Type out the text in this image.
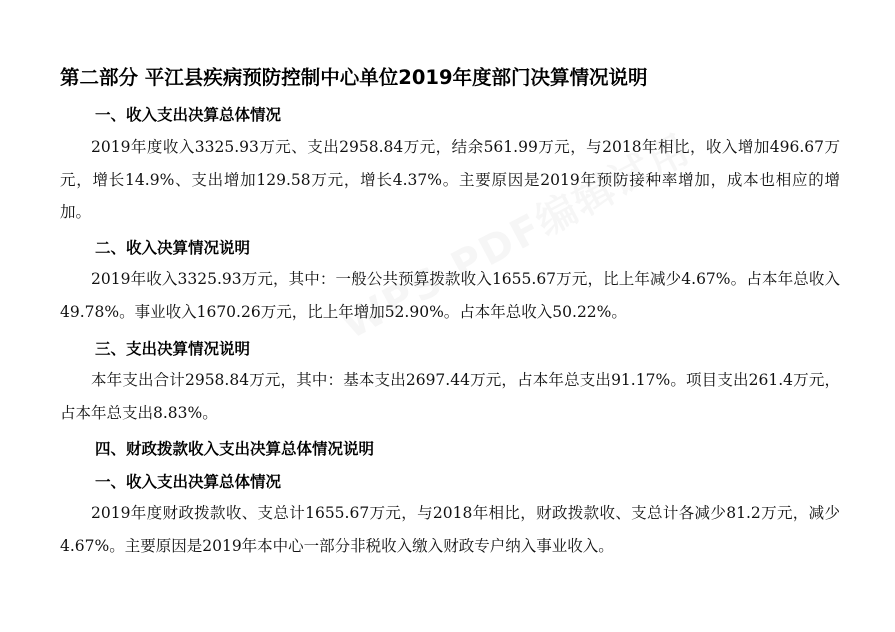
第二部分 平江县疾病预防控制中心单位2019年度部门决算情况说明
一、收入支出决算总体情况
2019年度收入3325.93万元、支出2958.84万元，结余561.99万元，与2018年相比，收入增加496.67万元，增长14.9%、支出增加129.58万元，增长4.37%。主要原因是2019年预防接种率增加，成本也相应的增加。
二、收入决算情况说明
2019年收入3325.93万元，其中：一般公共预算拨款收入1655.67万元，比上年减少4.67%。占本年总收入49.78%。事业收入1670.26万元，比上年增加52.90%。占本年总收入50.22%。
三、支出决算情况说明
本年支出合计2958.84万元，其中：基本支出2697.44万元，占本年总支出91.17%。项目支出261.4万元，占本年总支出8.83%。
四、财政拨款收入支出决算总体情况说明
一、收入支出决算总体情况
2019年度财政拨款收、支总计1655.67万元，与2018年相比，财政拨款收、支总计各减少81.2万元，减少4.67%。主要原因是2019年本中心一部分非税收入缴入财政专户纳入事业收入。
